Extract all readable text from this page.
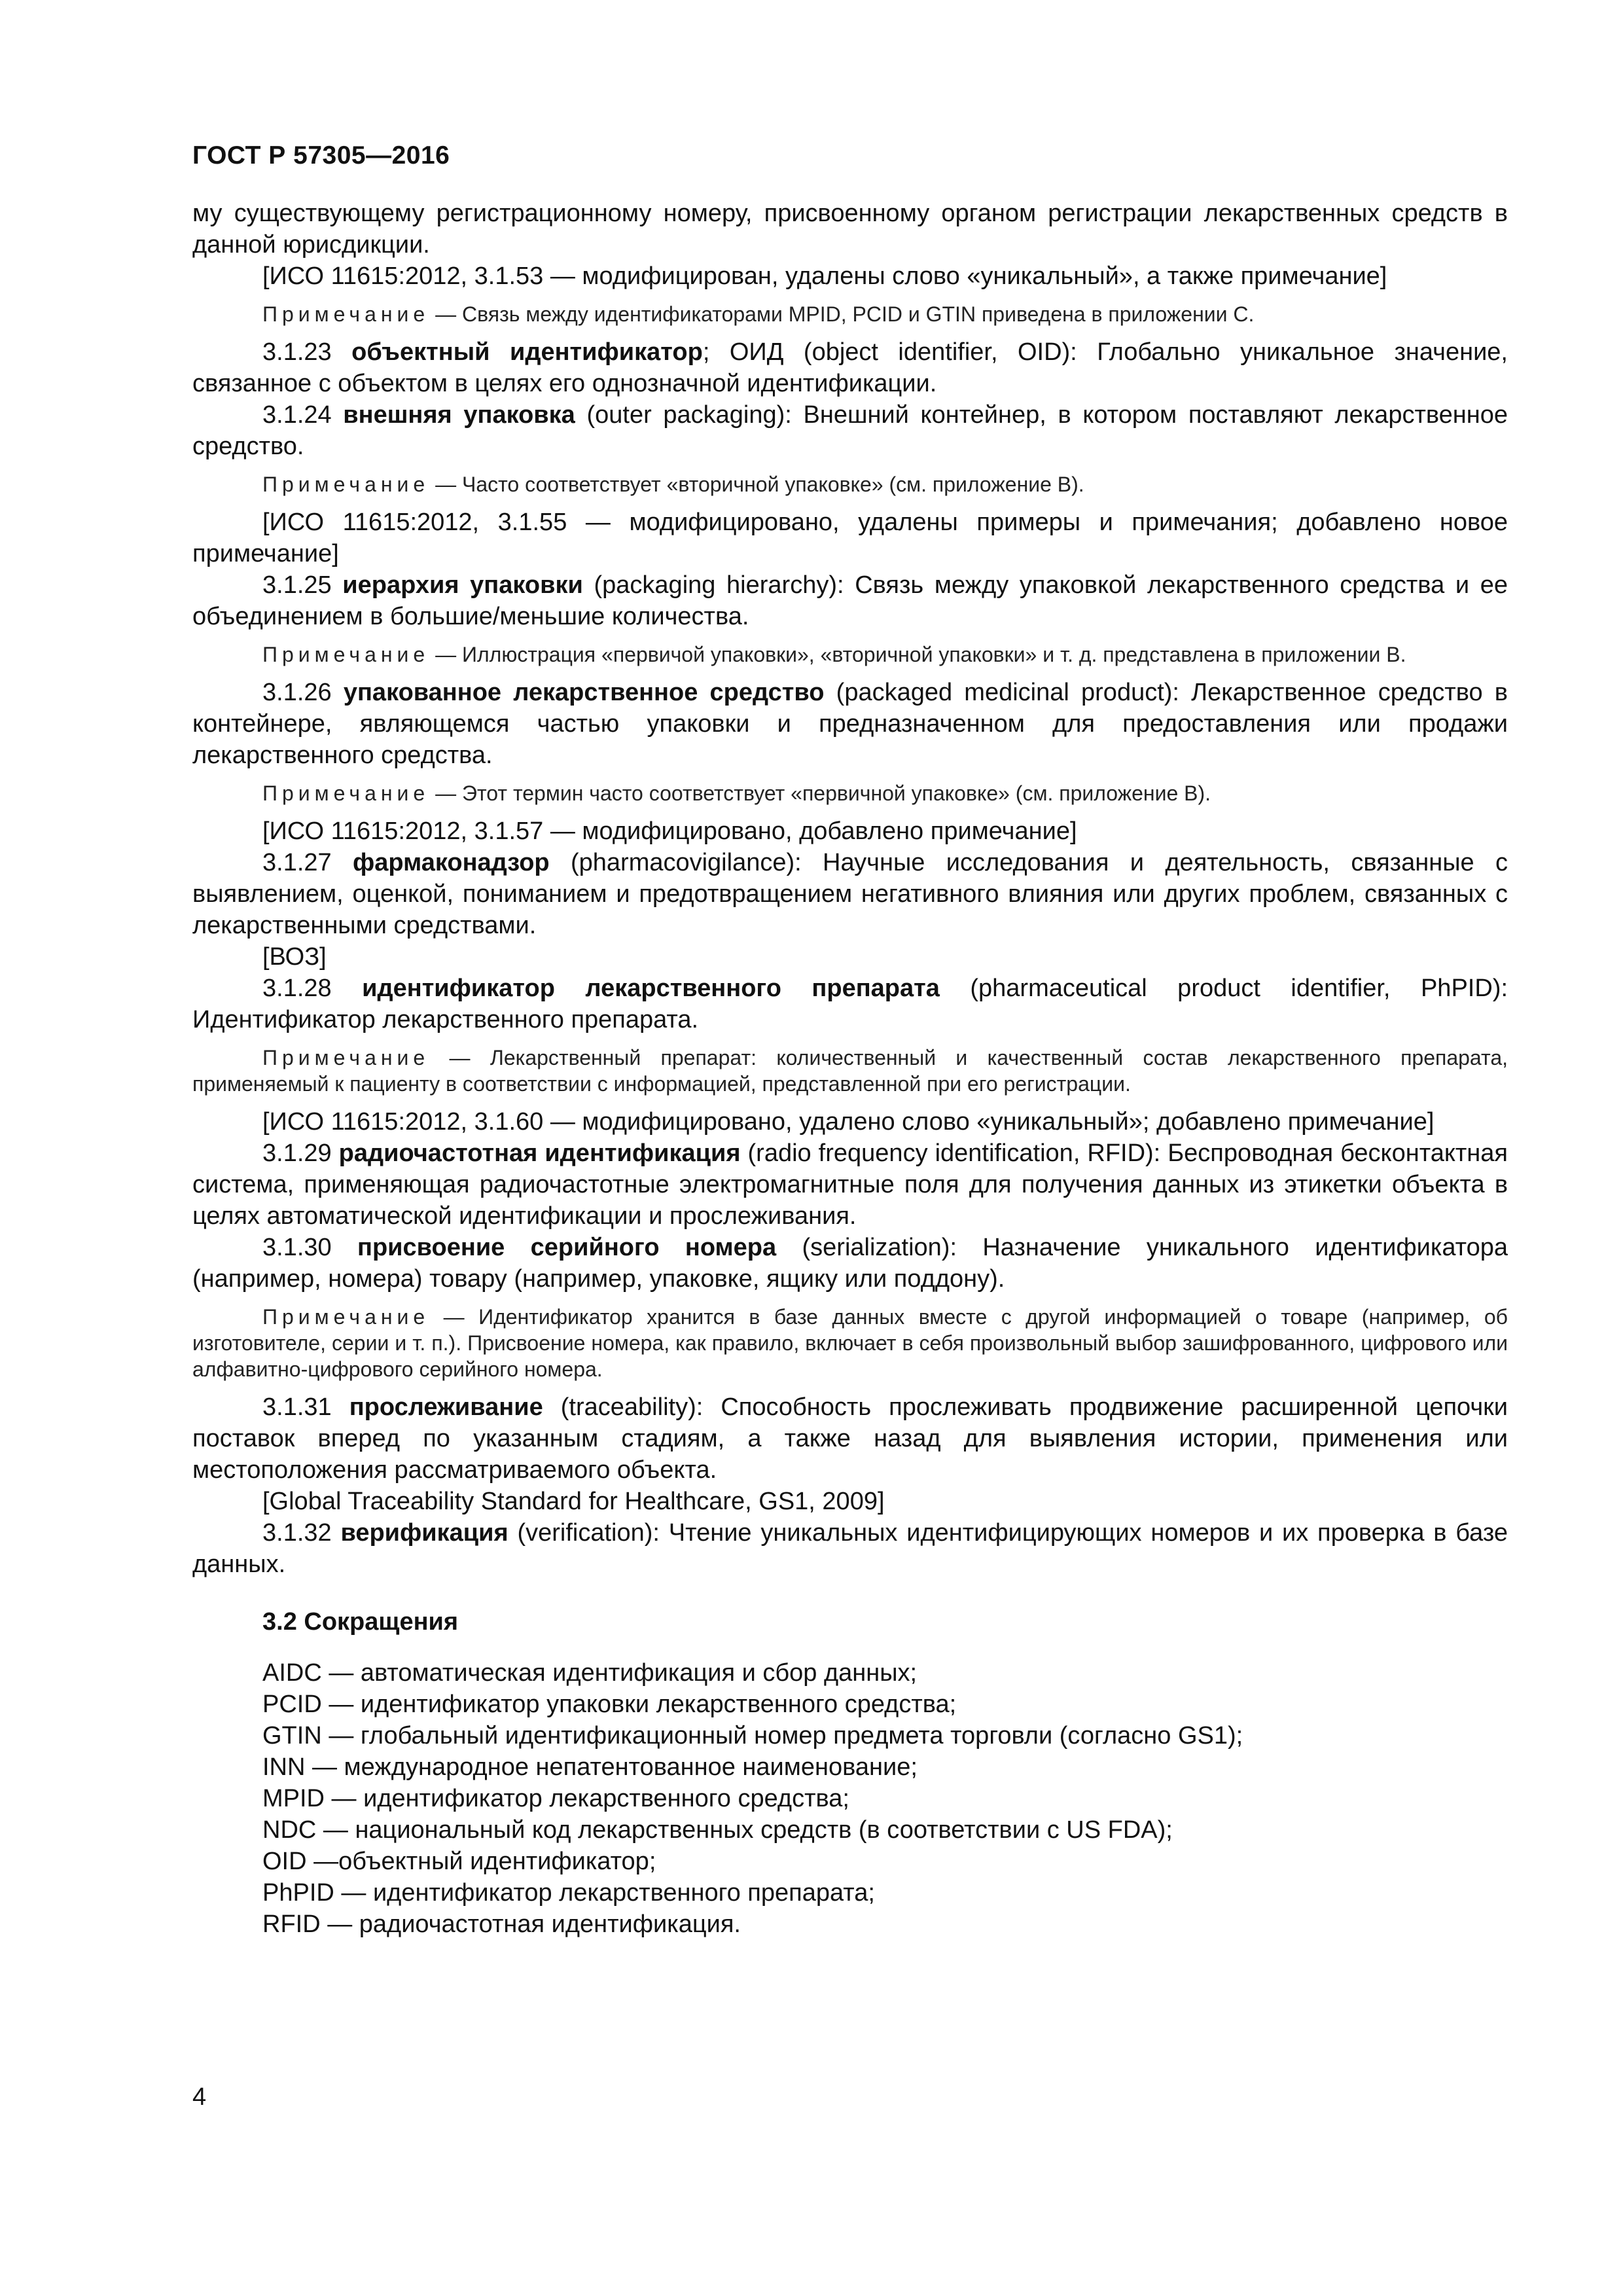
ГОСТ Р 57305—2016
му существующему регистрационному номеру, присвоенному органом регистрации лекарственных средств в данной юрисдикции.
[ИСО 11615:2012, 3.1.53 — модифицирован, удалены слово «уникальный», а также примечание]
Примечание — Связь между идентификаторами MPID, PCID и GTIN приведена в приложении С.
3.1.23 объектный идентификатор; ОИД (object identifier, OID): Глобально уникальное значение, связанное с объектом в целях его однозначной идентификации.
3.1.24 внешняя упаковка (outer packaging): Внешний контейнер, в котором поставляют лекарственное средство.
Примечание — Часто соответствует «вторичной упаковке» (см. приложение В).
[ИСО 11615:2012, 3.1.55 — модифицировано, удалены примеры и примечания; добавлено новое примечание]
3.1.25 иерархия упаковки (packaging hierarchy): Связь между упаковкой лекарственного средства и ее объединением в большие/меньшие количества.
Примечание — Иллюстрация «первичой упаковки», «вторичной упаковки» и т. д. представлена в приложении В.
3.1.26 упакованное лекарственное средство (packaged medicinal product): Лекарственное средство в контейнере, являющемся частью упаковки и предназначенном для предоставления или продажи лекарственного средства.
Примечание — Этот термин часто соответствует «первичной упаковке» (см. приложение В).
[ИСО 11615:2012, 3.1.57 — модифицировано, добавлено примечание]
3.1.27 фармаконадзор (pharmacovigilance): Научные исследования и деятельность, связанные с выявлением, оценкой, пониманием и предотвращением негативного влияния или других проблем, связанных с лекарственными средствами.
[ВОЗ]
3.1.28 идентификатор лекарственного препарата (pharmaceutical product identifier, PhPID): Идентификатор лекарственного препарата.
Примечание — Лекарственный препарат: количественный и качественный состав лекарственного препарата, применяемый к пациенту в соответствии с информацией, представленной при его регистрации.
[ИСО 11615:2012, 3.1.60 — модифицировано, удалено слово «уникальный»; добавлено примечание]
3.1.29 радиочастотная идентификация (radio frequency identification, RFID): Беспроводная бесконтактная система, применяющая радиочастотные электромагнитные поля для получения данных из этикетки объекта в целях автоматической идентификации и прослеживания.
3.1.30 присвоение серийного номера (serialization): Назначение уникального идентификатора (например, номера) товару (например, упаковке, ящику или поддону).
Примечание — Идентификатор хранится в базе данных вместе с другой информацией о товаре (например, об изготовителе, серии и т. п.). Присвоение номера, как правило, включает в себя произвольный выбор зашифрованного, цифрового или алфавитно-цифрового серийного номера.
3.1.31 прослеживание (traceability): Способность прослеживать продвижение расширенной цепочки поставок вперед по указанным стадиям, а также назад для выявления истории, применения или местоположения рассматриваемого объекта.
[Global Traceability Standard for Healthcare, GS1, 2009]
3.1.32 верификация (verification): Чтение уникальных идентифицирующих номеров и их проверка в базе данных.
3.2 Сокращения
AIDC — автоматическая идентификация и сбор данных;
PCID — идентификатор упаковки лекарственного средства;
GTIN — глобальный идентификационный номер предмета торговли (согласно GS1);
INN — международное непатентованное наименование;
MPID — идентификатор лекарственного средства;
NDC — национальный код лекарственных средств (в соответствии с US FDA);
OID —объектный идентификатор;
PhPID — идентификатор лекарственного препарата;
RFID — радиочастотная идентификация.
4
